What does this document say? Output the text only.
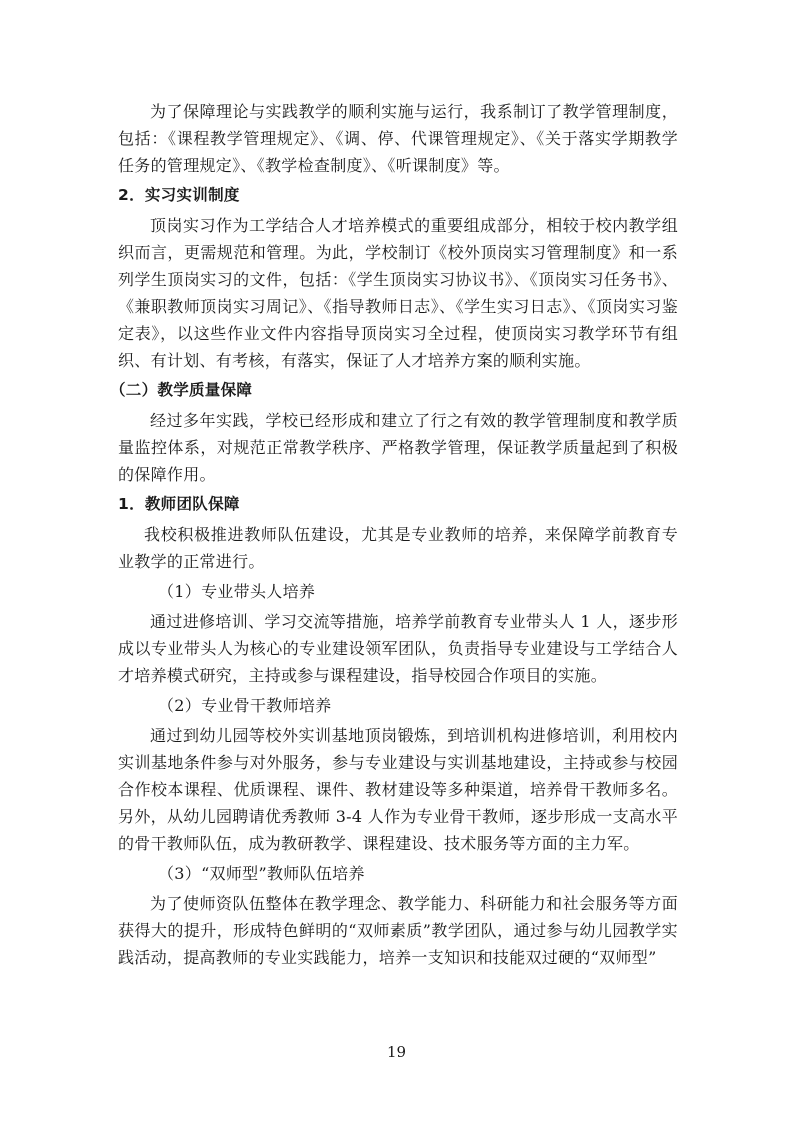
为了保障理论与实践教学的顺利实施与运行，我系制订了教学管理制度，包括：《课程教学管理规定》、《调、停、代课管理规定》、《关于落实学期教学任务的管理规定》、《教学检查制度》、《听课制度》等。

2．实习实训制度

顶岗实习作为工学结合人才培养模式的重要组成部分，相较于校内教学组织而言，更需规范和管理。为此，学校制订《校外顶岗实习管理制度》和一系列学生顶岗实习的文件，包括：《学生顶岗实习协议书》、《顶岗实习任务书》、《兼职教师顶岗实习周记》、《指导教师日志》、《学生实习日志》、《顶岗实习鉴定表》，以这些作业文件内容指导顶岗实习全过程，使顶岗实习教学环节有组织、有计划、有考核，有落实，保证了人才培养方案的顺利实施。

（二）教学质量保障

经过多年实践，学校已经形成和建立了行之有效的教学管理制度和教学质量监控体系，对规范正常教学秩序、严格教学管理，保证教学质量起到了积极的保障作用。

1．教师团队保障

我校积极推进教师队伍建设，尤其是专业教师的培养，来保障学前教育专业教学的正常进行。

（1）专业带头人培养

通过进修培训、学习交流等措施，培养学前教育专业带头人 1 人，逐步形成以专业带头人为核心的专业建设领军团队，负责指导专业建设与工学结合人才培养模式研究，主持或参与课程建设，指导校园合作项目的实施。

（2）专业骨干教师培养

通过到幼儿园等校外实训基地顶岗锻炼，到培训机构进修培训，利用校内实训基地条件参与对外服务，参与专业建设与实训基地建设，主持或参与校园合作校本课程、优质课程、课件、教材建设等多种渠道，培养骨干教师多名。另外，从幼儿园聘请优秀教师 3-4 人作为专业骨干教师，逐步形成一支高水平的骨干教师队伍，成为教研教学、课程建设、技术服务等方面的主力军。

（3）“双师型”教师队伍培养

为了使师资队伍整体在教学理念、教学能力、科研能力和社会服务等方面获得大的提升，形成特色鲜明的“双师素质”教学团队，通过参与幼儿园教学实践活动，提高教师的专业实践能力，培养一支知识和技能双过硬的“双师型”

19
